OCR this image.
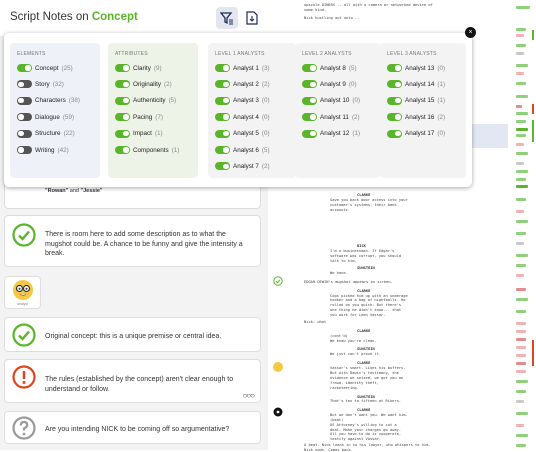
Script Notes on Concept
"Rowan" and "Jessie"
There is room here to add some description as to what the mugshot could be. A chance to be funny and give the intensity a break.
analyst
Original concept: this is a unique premise or central idea.
The rules (established by the concept) aren't clear enough to understand or follow.
○○○
Are you intending NICK to be coming off so argumentative?
upscale DINERS -- all with a camera or networked device of
some kind.
Nick hustling out onto --
CLARKE
Gave you back door access into your
customer's systems, their bank
accounts.
NICK
I'm a businessman. If Edgar's
software was corrupt, you should
talk to him.
SUNSTEIN
We have.
EDGAR DEWIN's mugshot appears on screen.
CLARKE
Cops picked him up with an underage
hooker and a bag of nightballs. He
rolled on you quick. But there's
one thing he didn't know... that
you work for Leon Vassar.
Nick: what
CLARKE
(cont'd)
We know you're clean.
SUNSTEIN
We just can't prove it.
CLARKE
Vassar's smart. Likes his buffers.
But with Dewin's testimony, the
evidence we seized, we got you on
fraud, identity theft,
racketeering.
SUNSTEIN
That's ten to fifteen at Rikers.
CLARKE
But we don't want you. We want him.
(beat)
US Attorney's willing to cut a
deal. Make your charges go away.
All you have to do is cooperate,
testify against Vassar.
A beat. Nick leans in to his lawyer, who whispers to him.
Nick nods. Comes back.
ELEMENTS
Concept (25)
Story (32)
Characters (38)
Dialogue (59)
Structure (22)
Writing (42)
ATTRIBUTES
Clarity (9)
Originality (2)
Authenticity (5)
Pacing (7)
Impact (1)
Components (1)
LEVEL 1 ANALYSTS
Analyst 1 (3)
Analyst 2 (2)
Analyst 3 (0)
Analyst 4 (0)
Analyst 5 (0)
Analyst 6 (5)
Analyst 7 (2)
LEVEL 2 ANALYSTS
Analyst 8 (5)
Analyst 9 (0)
Analyst 10 (0)
Analyst 11 (2)
Analyst 12 (1)
LEVEL 3 ANALYSTS
Analyst 13 (0)
Analyst 14 (1)
Analyst 15 (1)
Analyst 16 (2)
Analyst 17 (0)
×
